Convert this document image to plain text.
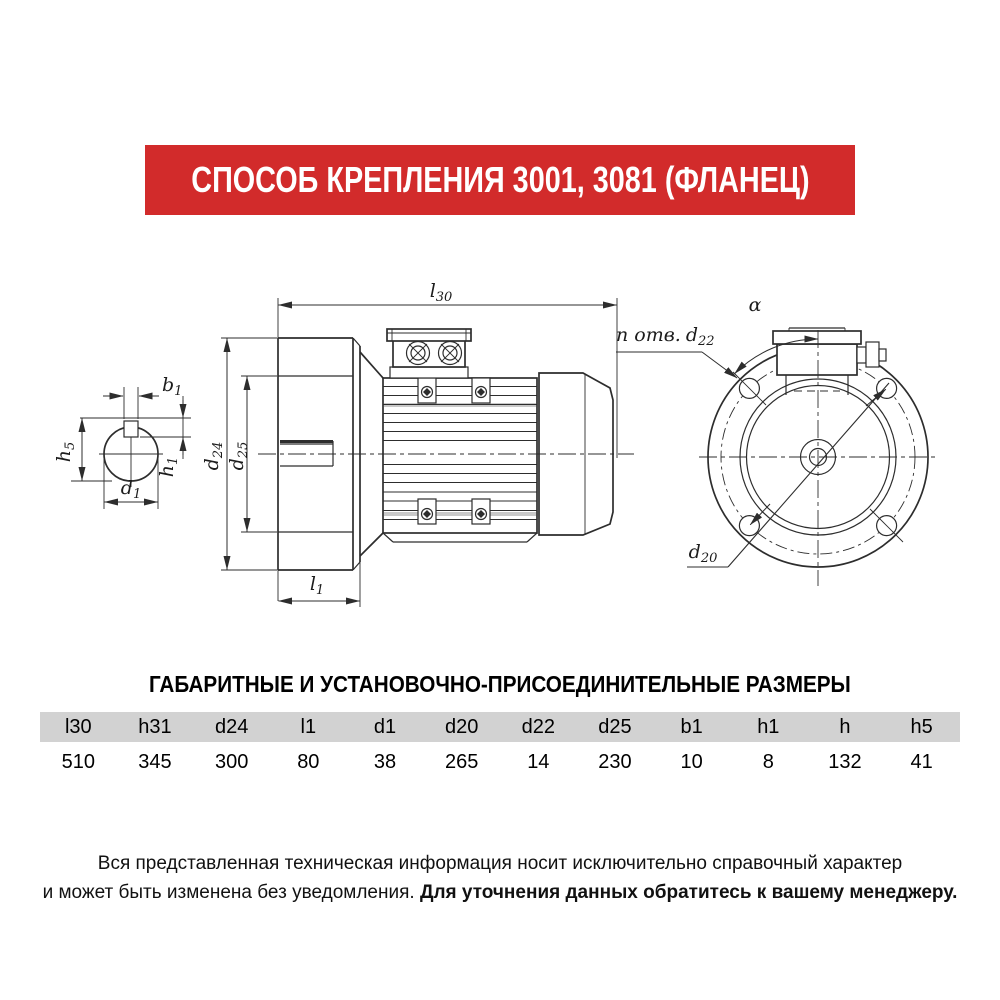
СПОСОБ КРЕПЛЕНИЯ 3001, 3081 (ФЛАНЕЦ)
$b_1$
$h_5$
$h_1$
$d_1$
$l_{30}$
$d_{24}$
$d_{25}$
$l_1$
$d_{20}$
n отв. $d_{22}$
α
ГАБАРИТНЫЕ И УСТАНОВОЧНО-ПРИСОЕДИНИТЕЛЬНЫЕ РАЗМЕРЫ
l30	h31	d24	l1	d1	d20	d22	d25	b1	h1	h	h5
510	345	300	80	38	265	14	230	10	8	132	41
Вся представленная техническая информация носит исключительно справочный характер
и может быть изменена без уведомления. Для уточнения данных обратитесь к вашему менеджеру.
